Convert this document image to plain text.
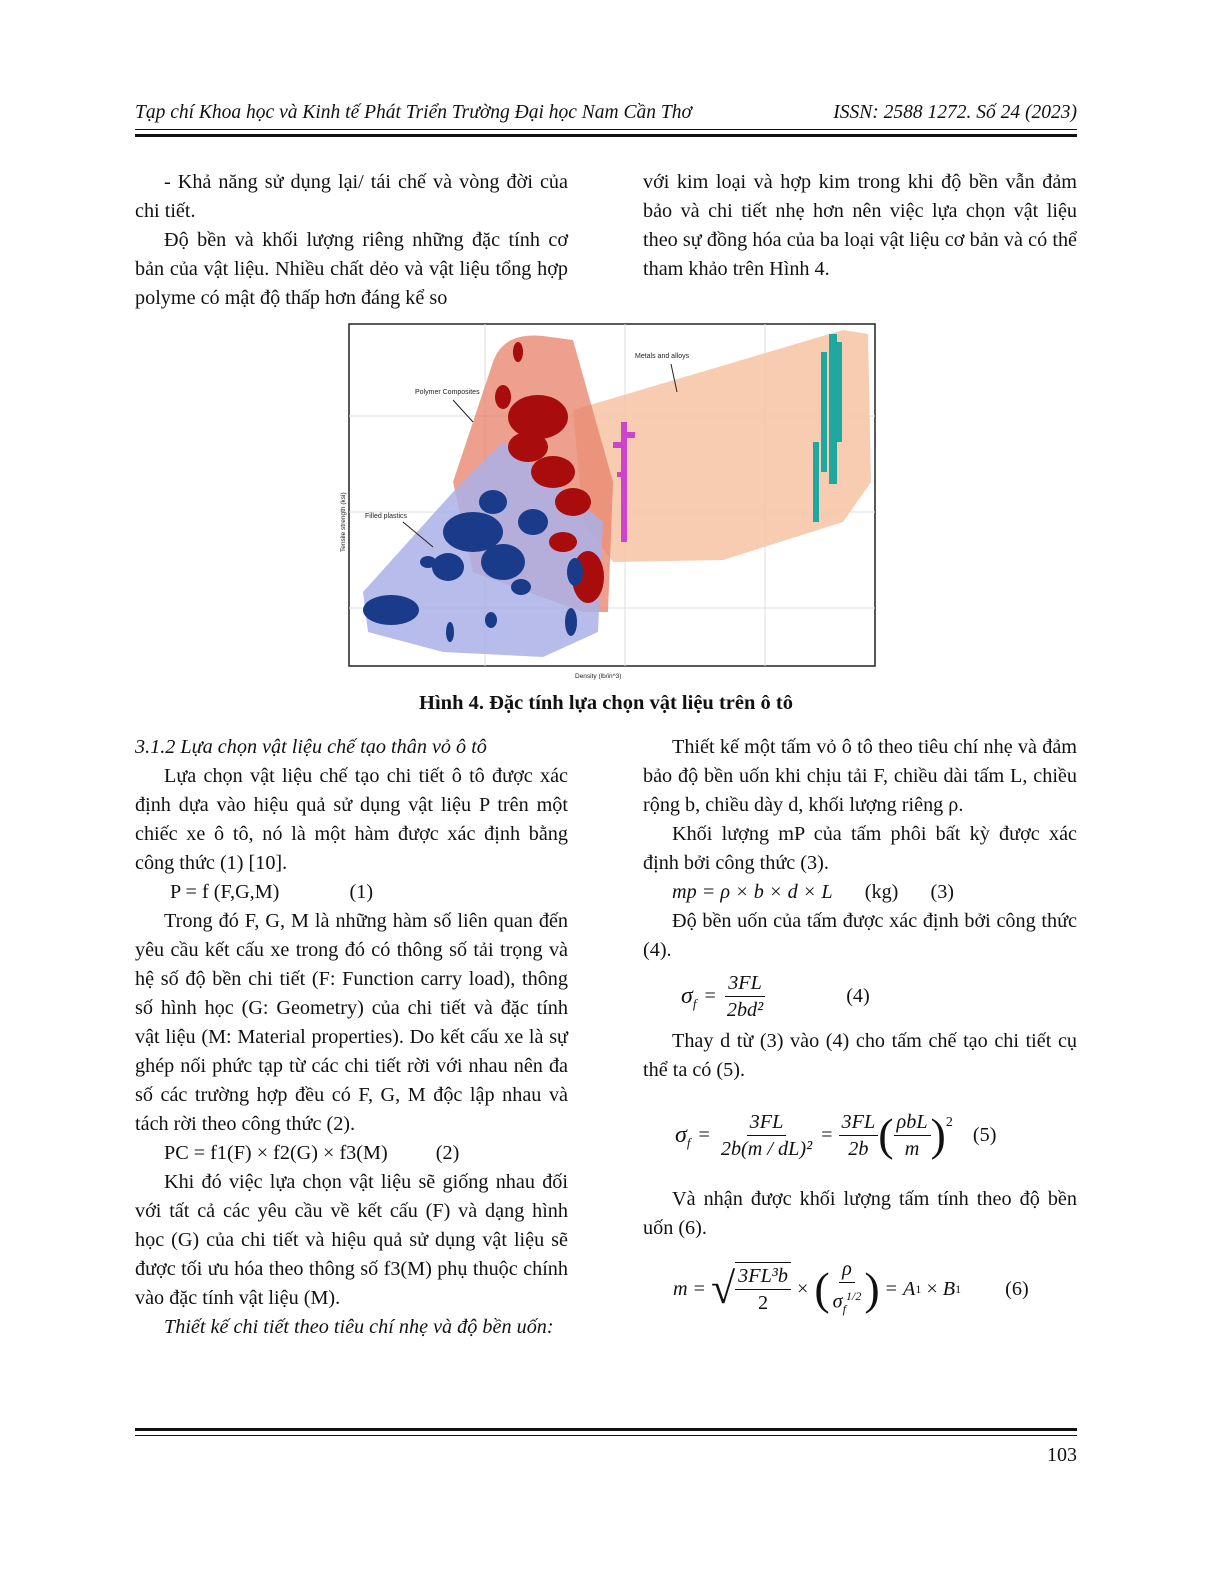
Tạp chí Khoa học và Kinh tế Phát Triển Trường Đại học Nam Cần Thơ	ISSN: 2588 1272. Số 24 (2023)

- Khả năng sử dụng lại/ tái chế và vòng đời của chi tiết.

Độ bền và khối lượng riêng những đặc tính cơ bản của vật liệu. Nhiều chất dẻo và vật liệu tổng hợp polyme có mật độ thấp hơn đáng kể so

với kim loại và hợp kim trong khi độ bền vẫn đảm bảo và chi tiết nhẹ hơn nên việc lựa chọn vật liệu theo sự đồng hóa của ba loại vật liệu cơ bản và có thể tham khảo trên Hình 4.

Polymer Composites
Metals and alloys
Filled plastics
Tensile strength (ksi)
Density (lb/in^3)
Hình 4. Đặc tính lựa chọn vật liệu trên ô tô

3.1.2 Lựa chọn vật liệu chế tạo thân vỏ ô tô

Lựa chọn vật liệu chế tạo chi tiết ô tô được xác định dựa vào hiệu quả sử dụng vật liệu P trên một chiếc xe ô tô, nó là một hàm được xác định bằng công thức (1) [10].

P = f (F,G,M)	(1)

Trong đó F, G, M là những hàm số liên quan đến yêu cầu kết cấu xe trong đó có thông số tải trọng và hệ số độ bền chi tiết (F: Function carry load), thông số hình học (G: Geometry) của chi tiết và đặc tính vật liệu (M: Material properties). Do kết cấu xe là sự ghép nối phức tạp từ các chi tiết rời với nhau nên đa số các trường hợp đều có F, G, M độc lập nhau và tách rời theo công thức (2).

PC = f1(F) × f2(G) × f3(M) (2)

Khi đó việc lựa chọn vật liệu sẽ giống nhau đối với tất cả các yêu cầu về kết cấu (F) và dạng hình học (G) của chi tiết và hiệu quả sử dụng vật liệu sẽ được tối ưu hóa theo thông số f3(M) phụ thuộc chính vào đặc tính vật liệu (M).

Thiết kế chi tiết theo tiêu chí nhẹ và độ bền uốn:

Thiết kế một tấm vỏ ô tô theo tiêu chí nhẹ và đảm bảo độ bền uốn khi chịu tải F, chiều dài tấm L, chiều rộng b, chiều dày d, khối lượng riêng ρ.

Khối lượng mP của tấm phôi bất kỳ được xác định bởi công thức (3).

mp = ρ × b × d × L (kg) (3)

Độ bền uốn của tấm được xác định bởi công thức (4).

$\sigma_f = \frac{3FL}{\text{2bd²}}$	(4)

Thay d từ (3) vào (4) cho tấm chế tạo chi tiết cụ thể ta có (5).

$\sigma_f = \frac{3FL}{\text{2b(m / dL)²}} = \frac{3FL}{2b}$ ( $\frac{\text{ρbL}}{m} )^2$
(5)

Và nhận được khối lượng tấm tính theo độ bền uốn (6).

m = √ $\frac{\text{3FL³b}}{2}$ × ( $\frac{\rho}{\sigma_f^{1/2}}$ ) = A 1 × B 1 (6)
103
